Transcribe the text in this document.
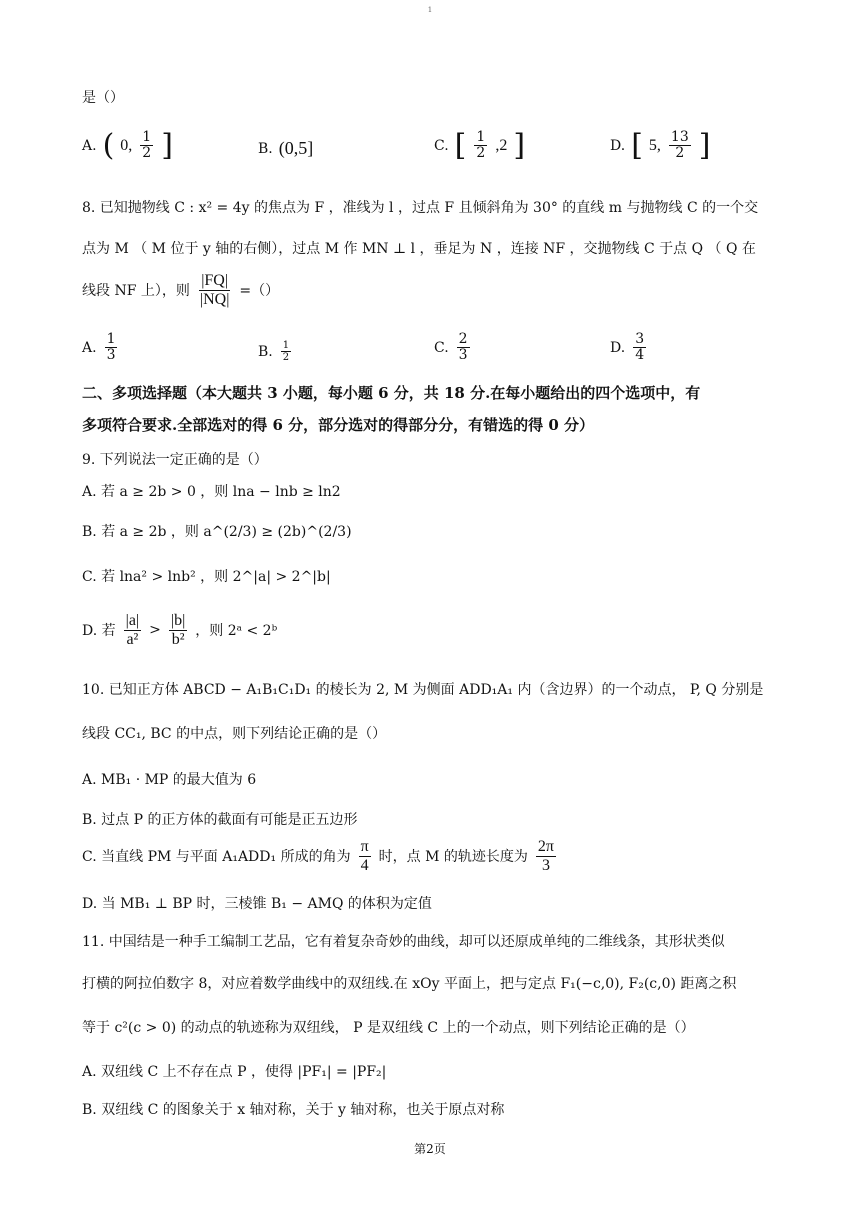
1
是（）
A. ( 0, $\frac{1}{2}$ ]	B. (0,5]	C. [ $\frac{1}{2} ,2$ ]	D. [ 5, $\frac{13}{2}$ ]
8. 已知抛物线 C : x² = 4y 的焦点为 F ，准线为 l ，过点 F 且倾斜角为 30° 的直线 m 与抛物线 C 的一个交
点为 M （ M 位于 y 轴的右侧），过点 M 作 MN ⊥ l ，垂足为 N ，连接 NF ，交抛物线 C 于点 Q （ Q 在
线段 NF 上），则 $\frac{|FQ|}{|NQ|}$ =（）
A. $\frac{1}{3}$	B. $\frac{1}{2}$	C. $\frac{2}{3}$	D. $\frac{3}{4}$
二、多项选择题（本大题共 3 小题，每小题 6 分，共 18 分.在每小题给出的四个选项中，有
多项符合要求.全部选对的得 6 分，部分选对的得部分分，有错选的得 0 分）
9. 下列说法一定正确的是（）
A. 若 a ≥ 2b > 0 ，则 lna − lnb ≥ ln2
B. 若 a ≥ 2b ，则 a^(2/3) ≥ (2b)^(2/3)
C. 若 lna² > lnb² ，则 2^|a| > 2^|b|
D. 若 $\frac{|a|}{\text{a²}} > \frac{|b|}{\text{b²}}$ ，则 2ᵃ < 2ᵇ
10. 已知正方体 ABCD − A₁B₁C₁D₁ 的棱长为 2, M 为侧面 ADD₁A₁ 内（含边界）的一个动点， P, Q 分别是
线段 CC₁, BC 的中点，则下列结论正确的是（）
A. MB₁ · MP 的最大值为 6
B. 过点 P 的正方体的截面有可能是正五边形
C. 当直线 PM 与平面 A₁ADD₁ 所成的角为 $\frac{\pi}{4}$ 时，点 M 的轨迹长度为 $\frac{2\pi}{3}$
D. 当 MB₁ ⊥ BP 时，三棱锥 B₁ − AMQ 的体积为定值
11. 中国结是一种手工编制工艺品，它有着复杂奇妙的曲线，却可以还原成单纯的二维线条，其形状类似
打横的阿拉伯数字 8，对应着数学曲线中的双纽线.在 xOy 平面上，把与定点 F₁(−c,0), F₂(c,0) 距离之积
等于 c²(c > 0) 的动点的轨迹称为双纽线， P 是双纽线 C 上的一个动点，则下列结论正确的是（）
A. 双纽线 C 上不存在点 P ，使得 |PF₁| = |PF₂|
B. 双纽线 C 的图象关于 x 轴对称，关于 y 轴对称，也关于原点对称
第2页
